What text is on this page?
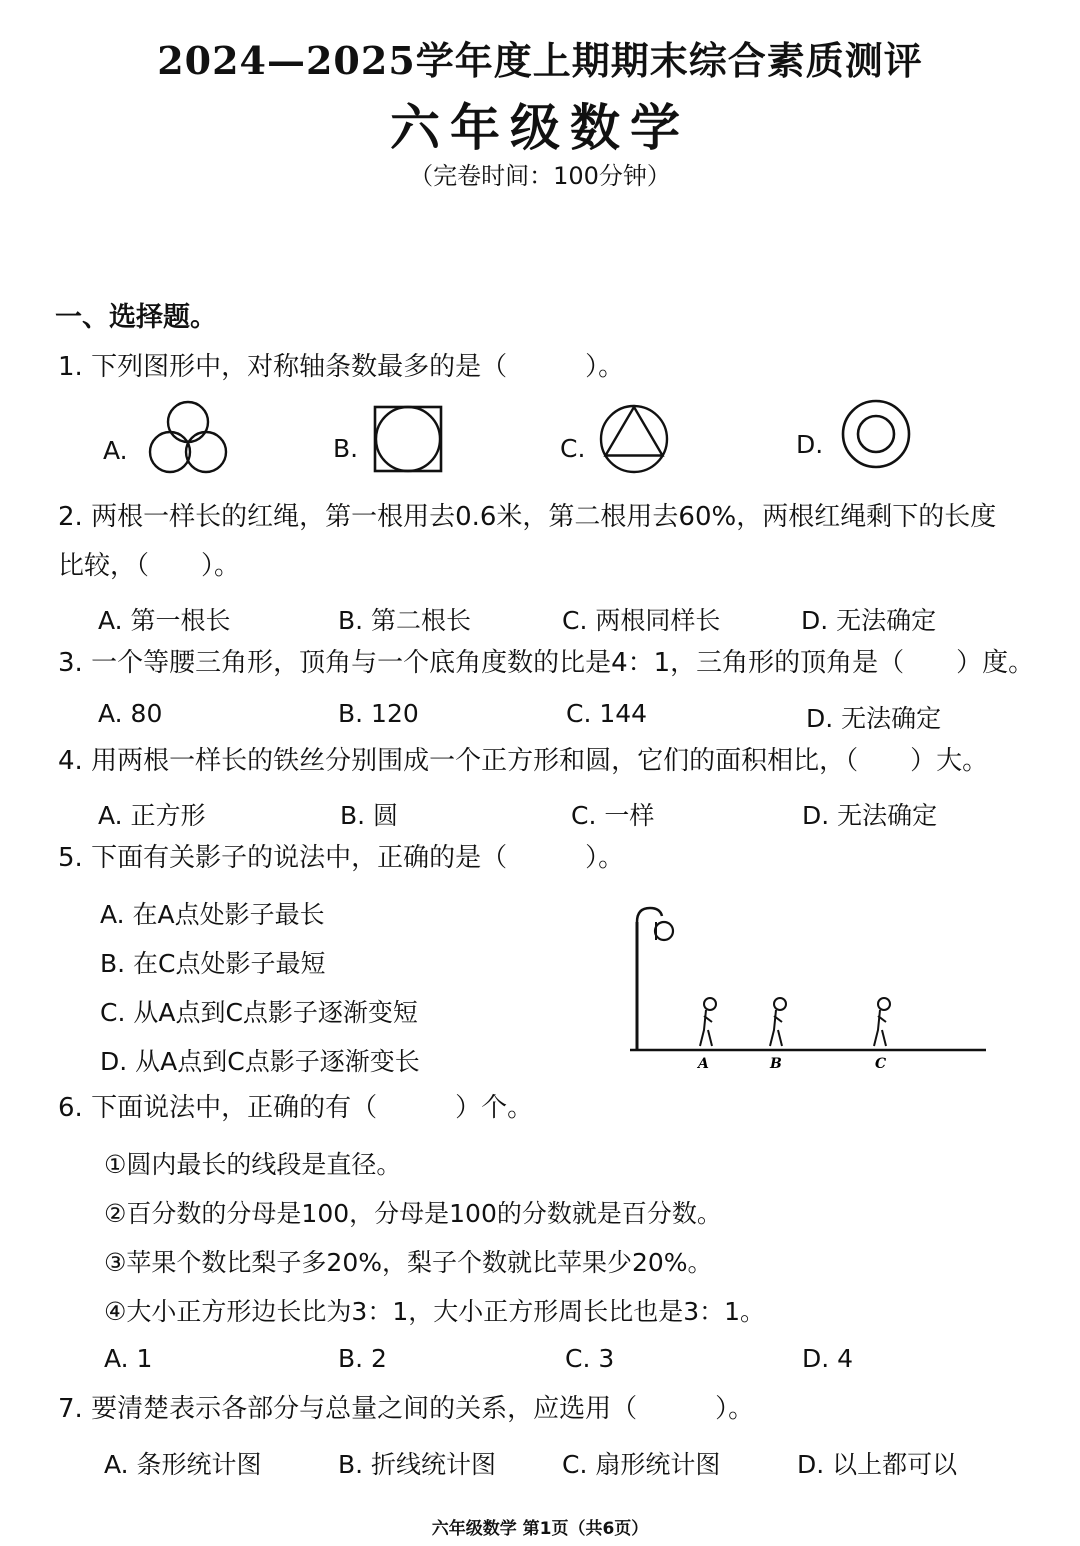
2024—2025学年度上期期末综合素质测评
六年级数学
（完卷时间：100分钟）
一、选择题。
1. 下列图形中，对称轴条数最多的是（　　　）。
A.	B.	C.	D.
2. 两根一样长的红绳，第一根用去0.6米，第二根用去60%，两根红绳剩下的长度
比较，（　　）。
A. 第一根长	B. 第二根长	C. 两根同样长	D. 无法确定
3. 一个等腰三角形，顶角与一个底角度数的比是4：1，三角形的顶角是（　　）度。
A. 80	B. 120	C. 144	D. 无法确定
4. 用两根一样长的铁丝分别围成一个正方形和圆，它们的面积相比，（　　）大。
A. 正方形	B. 圆	C. 一样	D. 无法确定
5. 下面有关影子的说法中，正确的是（　　　）。
A. 在A点处影子最长
B. 在C点处影子最短
C. 从A点到C点影子逐渐变短
D. 从A点到C点影子逐渐变长	A	B	C
6. 下面说法中，正确的有（　　　）个。
①圆内最长的线段是直径。
②百分数的分母是100，分母是100的分数就是百分数。
③苹果个数比梨子多20%，梨子个数就比苹果少20%。
④大小正方形边长比为3：1，大小正方形周长比也是3：1。
A. 1	B. 2	C. 3	D. 4
7. 要清楚表示各部分与总量之间的关系，应选用（　　　）。
A. 条形统计图	B. 折线统计图	C. 扇形统计图	D. 以上都可以
六年级数学 第1页（共6页）
